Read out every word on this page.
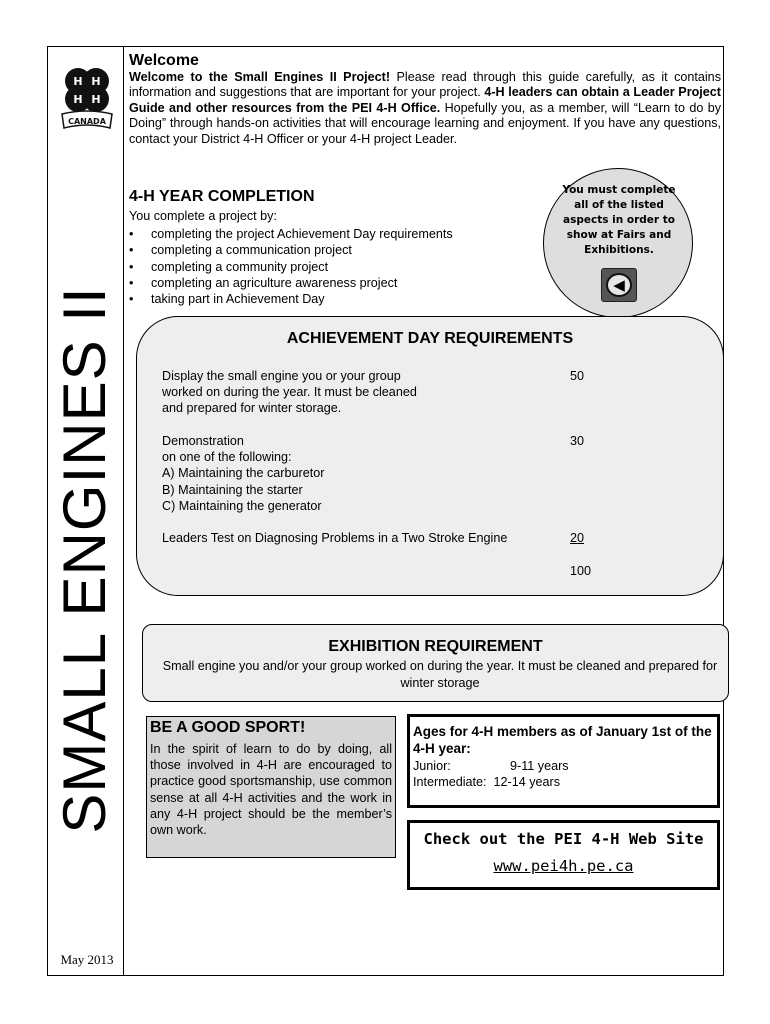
H H
H H
CANADA
SMALL ENGINES II
May 2013
Welcome
Welcome to the Small Engines II Project! Please read through this guide carefully, as it contains information and suggestions that are important for your project. 4-H leaders can obtain a Leader Project Guide and other resources from the PEI 4-H Office. Hopefully you, as a member, will “Learn to do by Doing” through hands-on activities that will encourage learning and enjoyment. If you have any questions, contact your District 4-H Officer or your 4-H project Leader.
4-H YEAR COMPLETION
You complete a project by:
• completing the project Achievement Day requirements
• completing a communication project
• completing a community project
• completing an agriculture awareness project
• taking part in Achievement Day
You must complete all of the listed aspects in order to show at Fairs and Exhibitions.
◀
ACHIEVEMENT DAY REQUIREMENTS
Display the small engine you or your group
worked on during the year. It must be cleaned
and prepared for winter storage.
50
Demonstration
on one of the following:
A) Maintaining the carburetor
B) Maintaining the starter
C) Maintaining the generator
30
Leaders Test on Diagnosing Problems in a Two Stroke Engine	20
100
EXHIBITION REQUIREMENT
Small engine you and/or your group worked on during the year. It must be cleaned and prepared for winter storage
BE A GOOD SPORT!
In the spirit of learn to do by doing, all those involved in 4-H are encouraged to practice good sportsmanship, use common sense at all 4-H activities and the work in any 4-H project should be the member’s own work.
Ages for 4-H members as of January 1st of the 4-H year:
Junior:	9-11 years
Intermediate: 12-14 years
Check out the PEI 4-H Web Site
www.pei4h.pe.ca
